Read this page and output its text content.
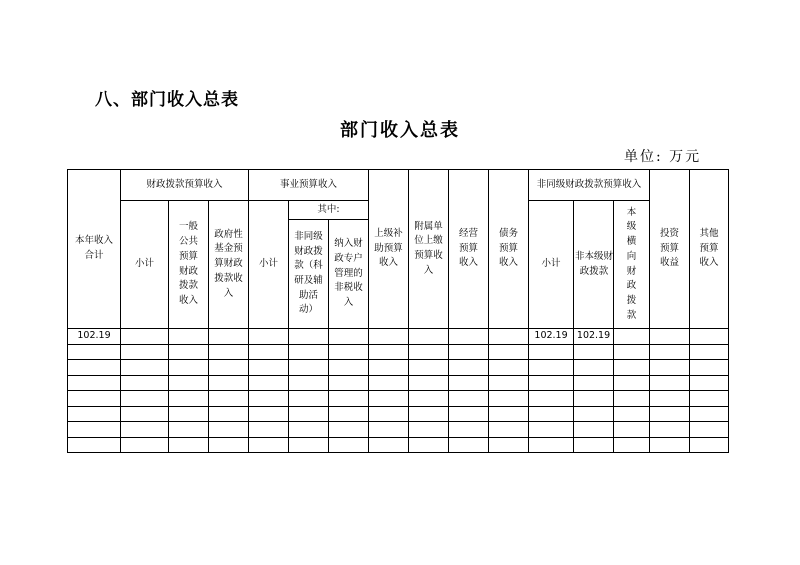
八、部门收入总表
部门收入总表
单位: 万元
本年收入合计	财政拨款预算收入			事业预算收入			上级补助预算收入	附属单位上缴预算收入	经营预算收入	债务预算收入	非同级财政拨款预算收入			投资预算收益	其他预算收入

	小计	一般公共预算财政拨款收入	政府性基金预算财政拨款收入	小计	其中:						小计	非本级财政拨款	本级横向财政拨款		

					非同级财政拨款（科研及辅助活动）	纳入财政专户管理的非税收入									

102.19											102.19	102.19			
